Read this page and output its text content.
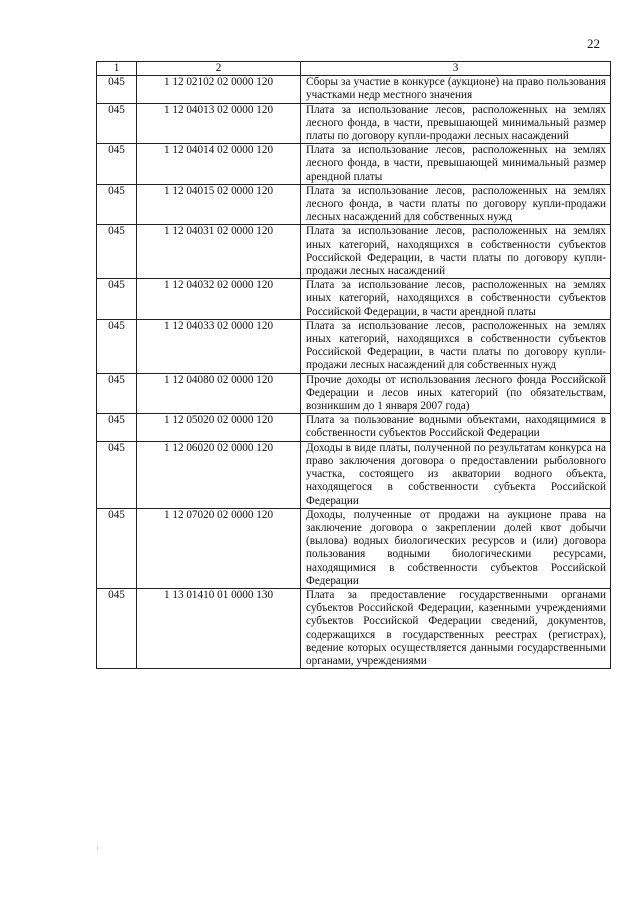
22
1	2	3
045	1 12 02102 02 0000 120	Сборы за участие в конкурсе (аукционе) на право пользования участками недр местного значения
045	1 12 04013 02 0000 120	Плата за использование лесов, расположенных на землях лесного фонда, в части, превышающей минимальный размер платы по договору купли-продажи лесных насаждений
045	1 12 04014 02 0000 120	Плата за использование лесов, расположенных на землях лесного фонда, в части, превышающей минимальный размер арендной платы
045	1 12 04015 02 0000 120	Плата за использование лесов, расположенных на землях лесного фонда, в части платы по договору купли-продажи лесных насаждений для собственных нужд
045	1 12 04031 02 0000 120	Плата за использование лесов, расположенных на землях иных категорий, находящихся в собственности субъектов Российской Федерации, в части платы по договору купли-продажи лесных насаждений
045	1 12 04032 02 0000 120	Плата за использование лесов, расположенных на землях иных категорий, находящихся в собственности субъектов Российской Федерации, в части арендной платы
045	1 12 04033 02 0000 120	Плата за использование лесов, расположенных на землях иных категорий, находящихся в собственности субъектов Российской Федерации, в части платы по договору купли-продажи лесных насаждений для собственных нужд
045	1 12 04080 02 0000 120	Прочие доходы от использования лесного фонда Российской Федерации и лесов иных категорий (по обязательствам, возникшим до 1 января 2007 года)
045	1 12 05020 02 0000 120	Плата за пользование водными объектами, находящимися в собственности субъектов Российской Федерации
045	1 12 06020 02 0000 120	Доходы в виде платы, полученной по результатам конкурса на право заключения договора о предоставлении рыболовного участка, состоящего из акватории водного объекта, находящегося в собственности субъекта Российской Федерации
045	1 12 07020 02 0000 120	Доходы, полученные от продажи на аукционе права на заключение договора о закреплении долей квот добычи (вылова) водных биологических ресурсов и (или) договора пользования водными биологическими ресурсами, находящимися в собственности субъектов Российской Федерации
045	1 13 01410 01 0000 130	Плата за предоставление государственными органами субъектов Российской Федерации, казенными учреждениями субъектов Российской Федерации сведений, документов, содержащихся в государственных реестрах (регистрах), ведение которых осуществляется данными государственными органами, учреждениями
·
